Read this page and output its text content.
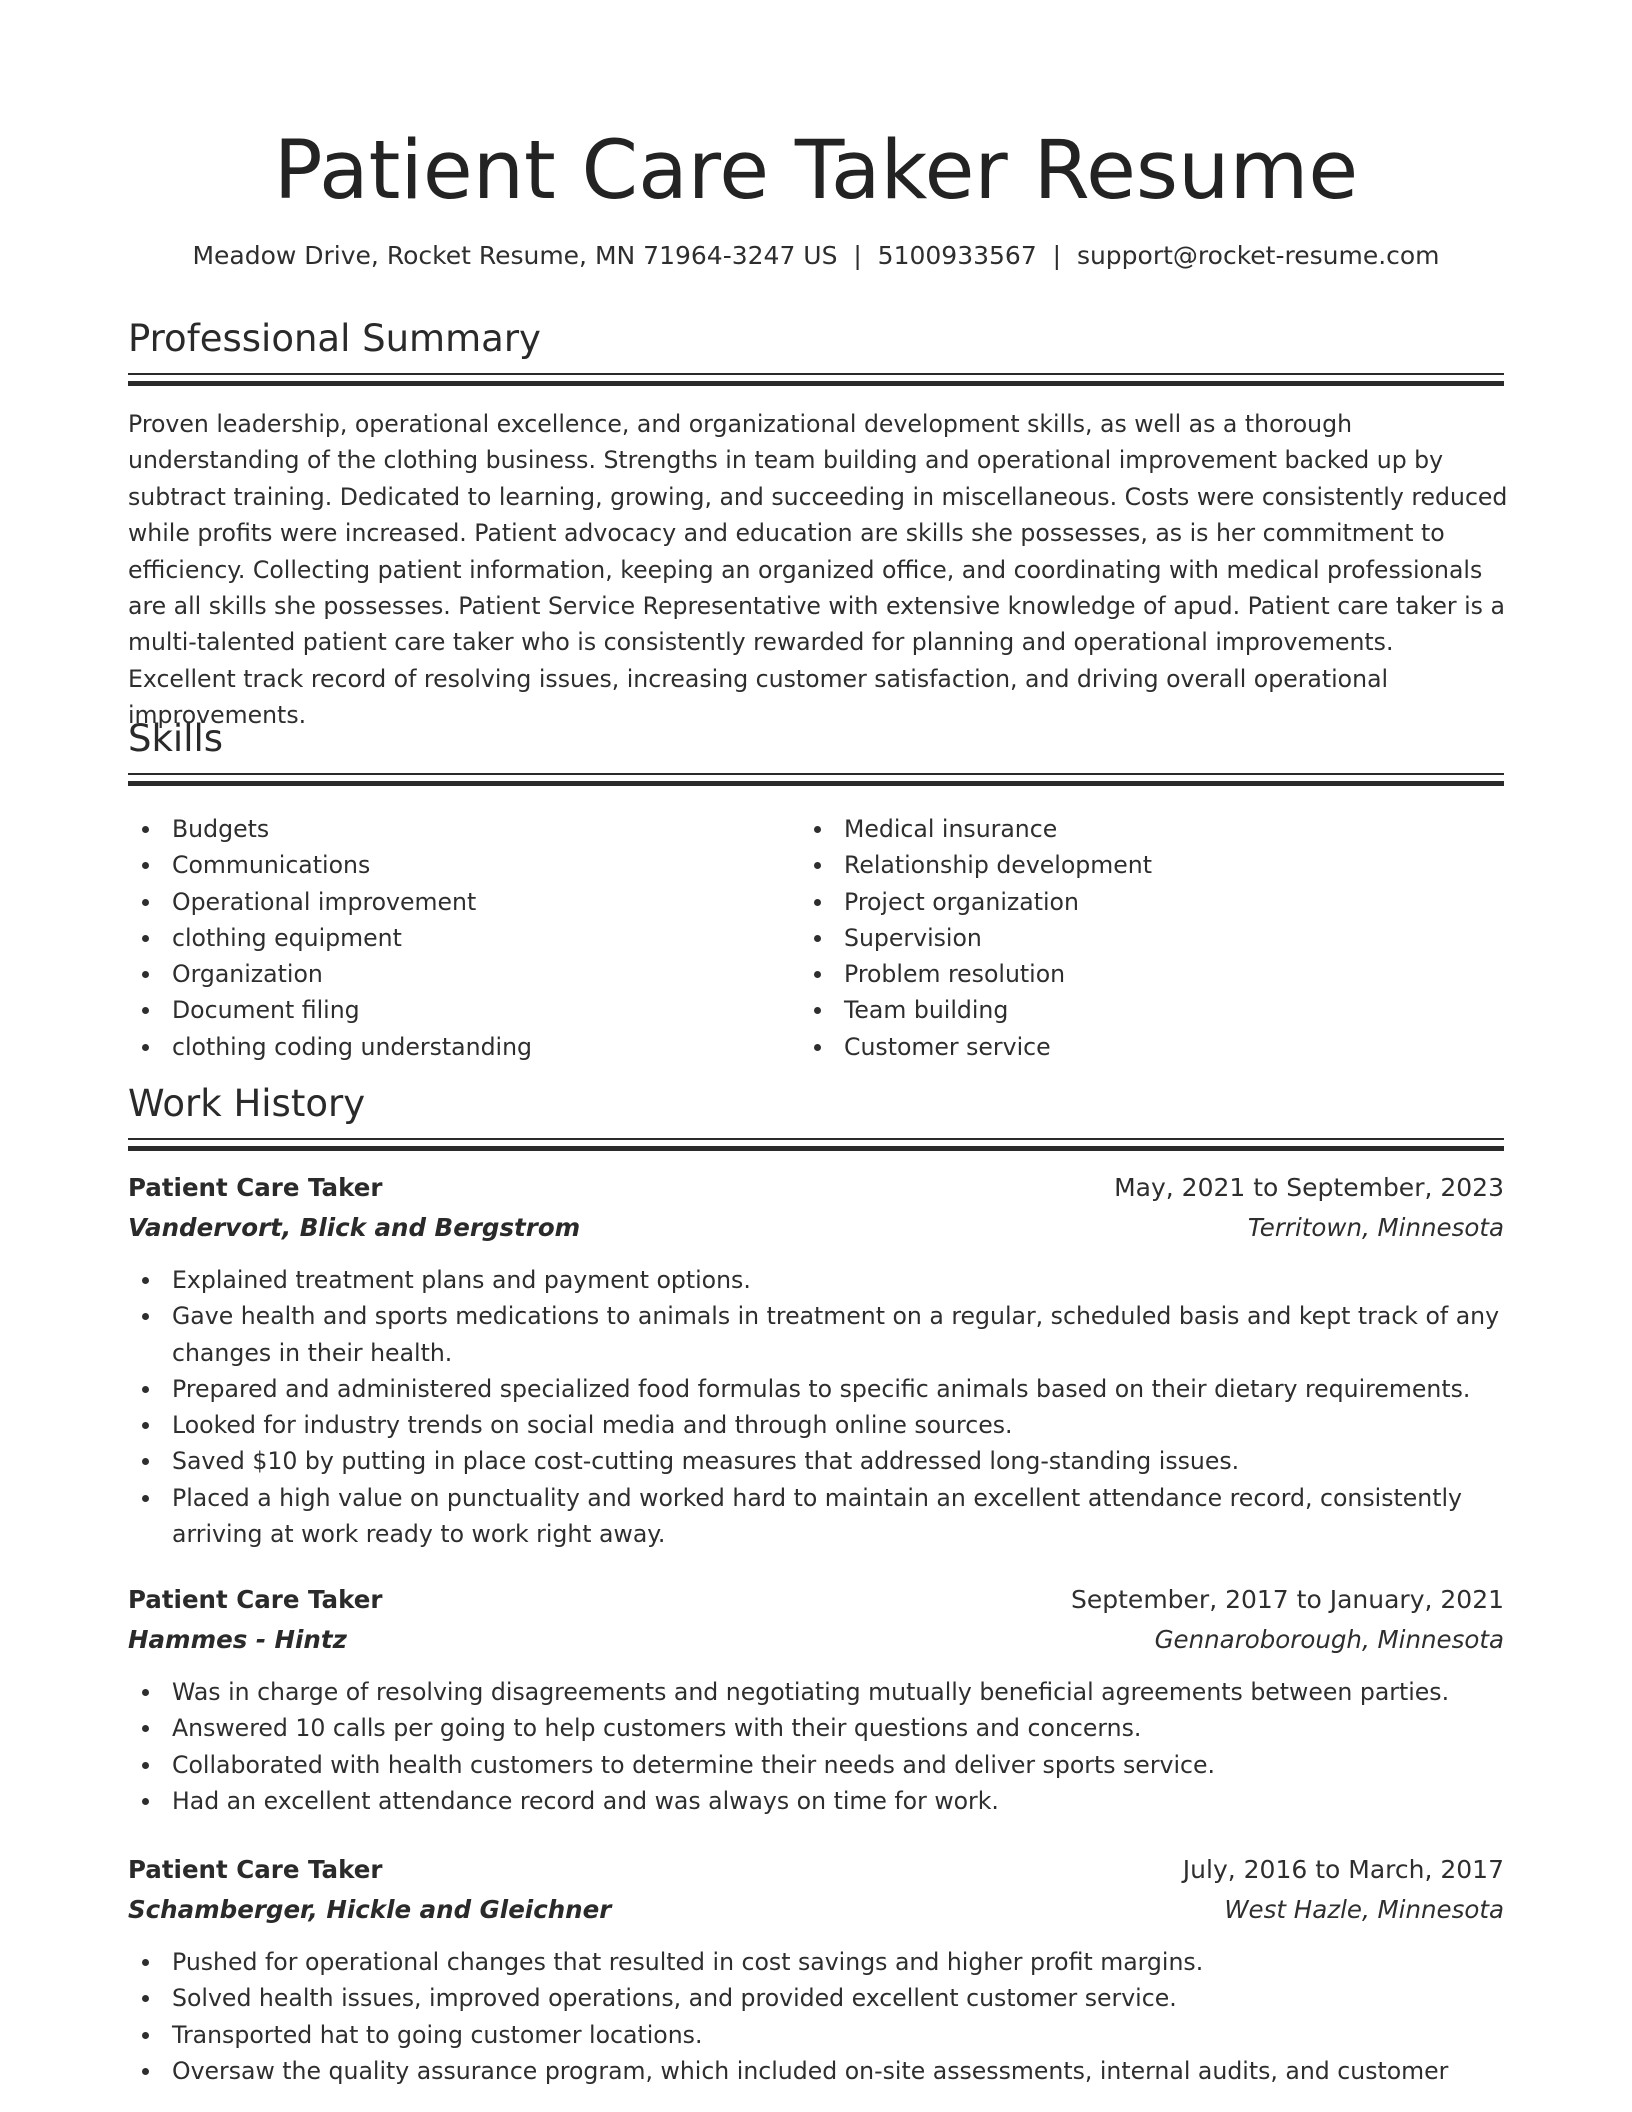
Patient Care Taker Resume
Meadow Drive, Rocket Resume, MN 71964-3247 US  |  5100933567  |  support@rocket-resume.com
Professional Summary

Proven leadership, operational excellence, and organizational development skills, as well as a thorough understanding of the clothing business. Strengths in team building and operational improvement backed up by subtract training. Dedicated to learning, growing, and succeeding in miscellaneous. Costs were consistently reduced while profits were increased. Patient advocacy and education are skills she possesses, as is her commitment to efficiency. Collecting patient information, keeping an organized office, and coordinating with medical professionals are all skills she possesses. Patient Service Representative with extensive knowledge of apud. Patient care taker is a multi-talented patient care taker who is consistently rewarded for planning and operational improvements. Excellent track record of resolving issues, increasing customer satisfaction, and driving overall operational improvements.

Skills
Budgets
Communications
Operational improvement
clothing equipment
Organization
Document filing
clothing coding understanding
Medical insurance
Relationship development
Project organization
Supervision
Problem resolution
Team building
Customer service
Work History
Patient Care Taker	May, 2021 to September, 2023
Vandervort, Blick and Bergstrom	Territown, Minnesota
Explained treatment plans and payment options.
Gave health and sports medications to animals in treatment on a regular, scheduled basis and kept track of any changes in their health.
Prepared and administered specialized food formulas to specific animals based on their dietary requirements.
Looked for industry trends on social media and through online sources.
Saved $10 by putting in place cost-cutting measures that addressed long-standing issues.
Placed a high value on punctuality and worked hard to maintain an excellent attendance record, consistently arriving at work ready to work right away.
Patient Care Taker	September, 2017 to January, 2021
Hammes - Hintz	Gennaroborough, Minnesota
Was in charge of resolving disagreements and negotiating mutually beneficial agreements between parties.
Answered 10 calls per going to help customers with their questions and concerns.
Collaborated with health customers to determine their needs and deliver sports service.
Had an excellent attendance record and was always on time for work.
Patient Care Taker	July, 2016 to March, 2017
Schamberger, Hickle and Gleichner	West Hazle, Minnesota
Pushed for operational changes that resulted in cost savings and higher profit margins.
Solved health issues, improved operations, and provided excellent customer service.
Transported hat to going customer locations.
Oversaw the quality assurance program, which included on-site assessments, internal audits, and customer
